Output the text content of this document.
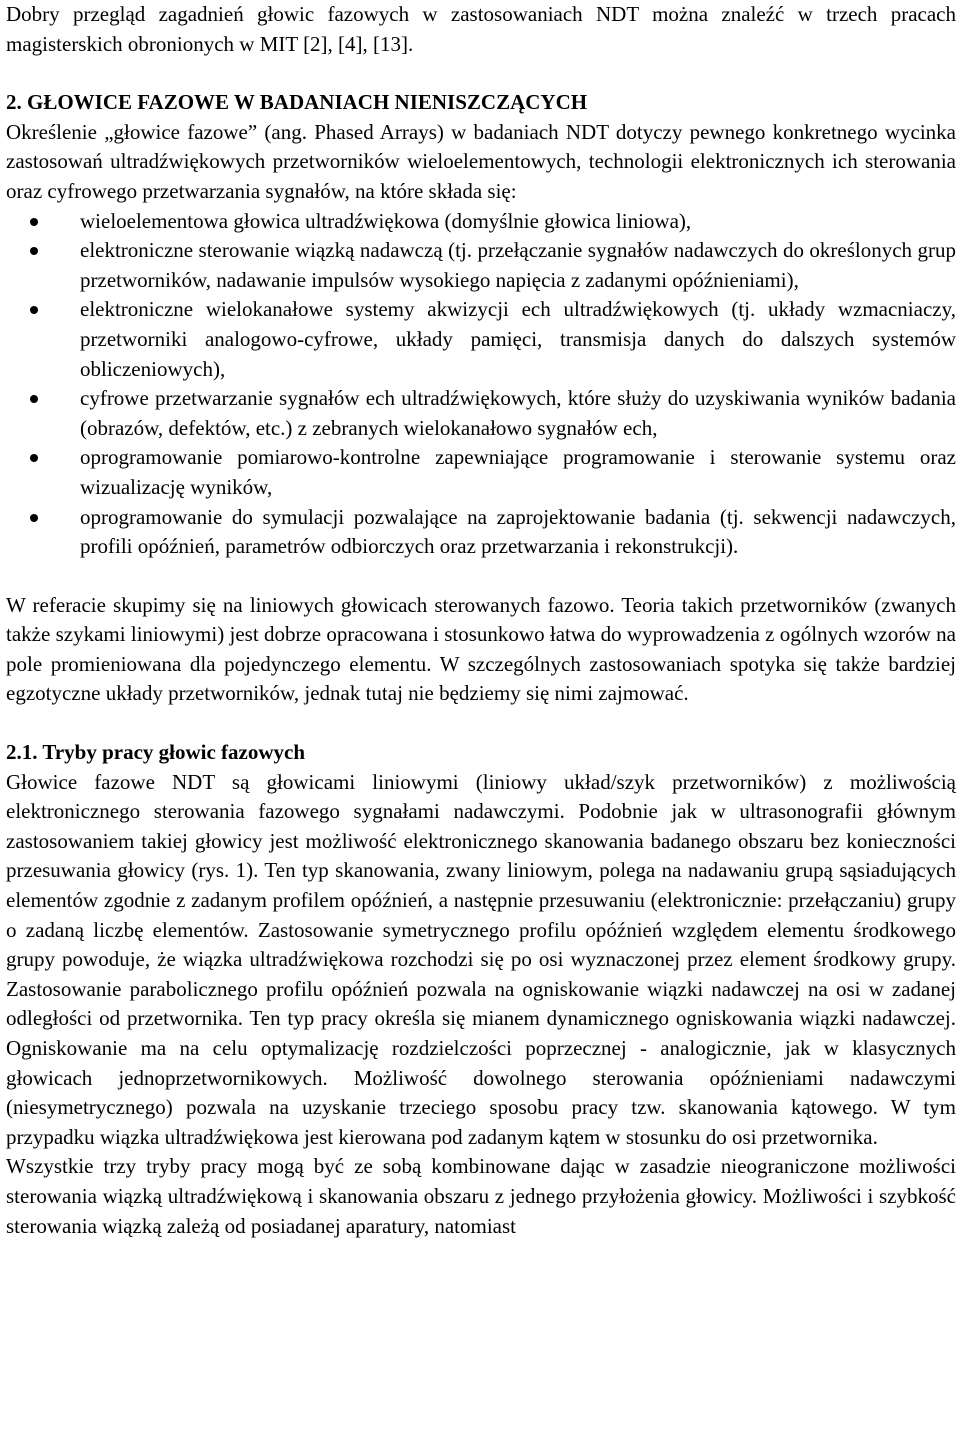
Dobry przegląd zagadnień głowic fazowych w zastosowaniach NDT można znaleźć w trzech pracach magisterskich obronionych w MIT [2], [4], [13].

2. GŁOWICE FAZOWE W BADANIACH NIENISZCZĄCYCH

Określenie „głowice fazowe” (ang. Phased Arrays) w badaniach NDT dotyczy pewnego konkretnego wycinka zastosowań ultradźwiękowych przetworników wieloelementowych, technologii elektronicznych ich sterowania oraz cyfrowego przetwarzania sygnałów, na które składa się:

wieloelementowa głowica ultradźwiękowa (domyślnie głowica liniowa),
elektroniczne sterowanie wiązką nadawczą (tj. przełączanie sygnałów nadawczych do określonych grup przetworników, nadawanie impulsów wysokiego napięcia z zadanymi opóźnieniami),
elektroniczne wielokanałowe systemy akwizycji ech ultradźwiękowych (tj. układy wzmacniaczy, przetworniki analogowo-cyfrowe, układy pamięci, transmisja danych do dalszych systemów obliczeniowych),
cyfrowe przetwarzanie sygnałów ech ultradźwiękowych, które służy do uzyskiwania wyników badania (obrazów, defektów, etc.) z zebranych wielokanałowo sygnałów ech,
oprogramowanie pomiarowo-kontrolne zapewniające programowanie i sterowanie systemu oraz wizualizację wyników,
oprogramowanie do symulacji pozwalające na zaprojektowanie badania (tj. sekwencji nadawczych, profili opóźnień, parametrów odbiorczych oraz przetwarzania i rekonstrukcji).

W referacie skupimy się na liniowych głowicach sterowanych fazowo. Teoria takich przetworników (zwanych także szykami liniowymi) jest dobrze opracowana i stosunkowo łatwa do wyprowadzenia z ogólnych wzorów na pole promieniowana dla pojedynczego elementu. W szczególnych zastosowaniach spotyka się także bardziej egzotyczne układy przetworników, jednak tutaj nie będziemy się nimi zajmować.

2.1. Tryby pracy głowic fazowych

Głowice fazowe NDT są głowicami liniowymi (liniowy układ/szyk przetworników) z możliwością elektronicznego sterowania fazowego sygnałami nadawczymi. Podobnie jak w ultrasonografii głównym zastosowaniem takiej głowicy jest możliwość elektronicznego skanowania badanego obszaru bez konieczności przesuwania głowicy (rys. 1). Ten typ skanowania, zwany liniowym, polega na nadawaniu grupą sąsiadujących elementów zgodnie z zadanym profilem opóźnień, a następnie przesuwaniu (elektronicznie: przełączaniu) grupy o zadaną liczbę elementów. Zastosowanie symetrycznego profilu opóźnień względem elementu środkowego grupy powoduje, że wiązka ultradźwiękowa rozchodzi się po osi wyznaczonej przez element środkowy grupy. Zastosowanie parabolicznego profilu opóźnień pozwala na ogniskowanie wiązki nadawczej na osi w zadanej odległości od przetwornika. Ten typ pracy określa się mianem dynamicznego ogniskowania wiązki nadawczej. Ogniskowanie ma na celu optymalizację rozdzielczości poprzecznej - analogicznie, jak w klasycznych głowicach jednoprzetwornikowych. Możliwość dowolnego sterowania opóźnieniami nadawczymi (niesymetrycznego) pozwala na uzyskanie trzeciego sposobu pracy tzw. skanowania kątowego. W tym przypadku wiązka ultradźwiękowa jest kierowana pod zadanym kątem w stosunku do osi przetwornika.

Wszystkie trzy tryby pracy mogą być ze sobą kombinowane dając w zasadzie nieograniczone możliwości sterowania wiązką ultradźwiękową i skanowania obszaru z jednego przyłożenia głowicy. Możliwości i szybkość sterowania wiązką zależą od posiadanej aparatury, natomiast
